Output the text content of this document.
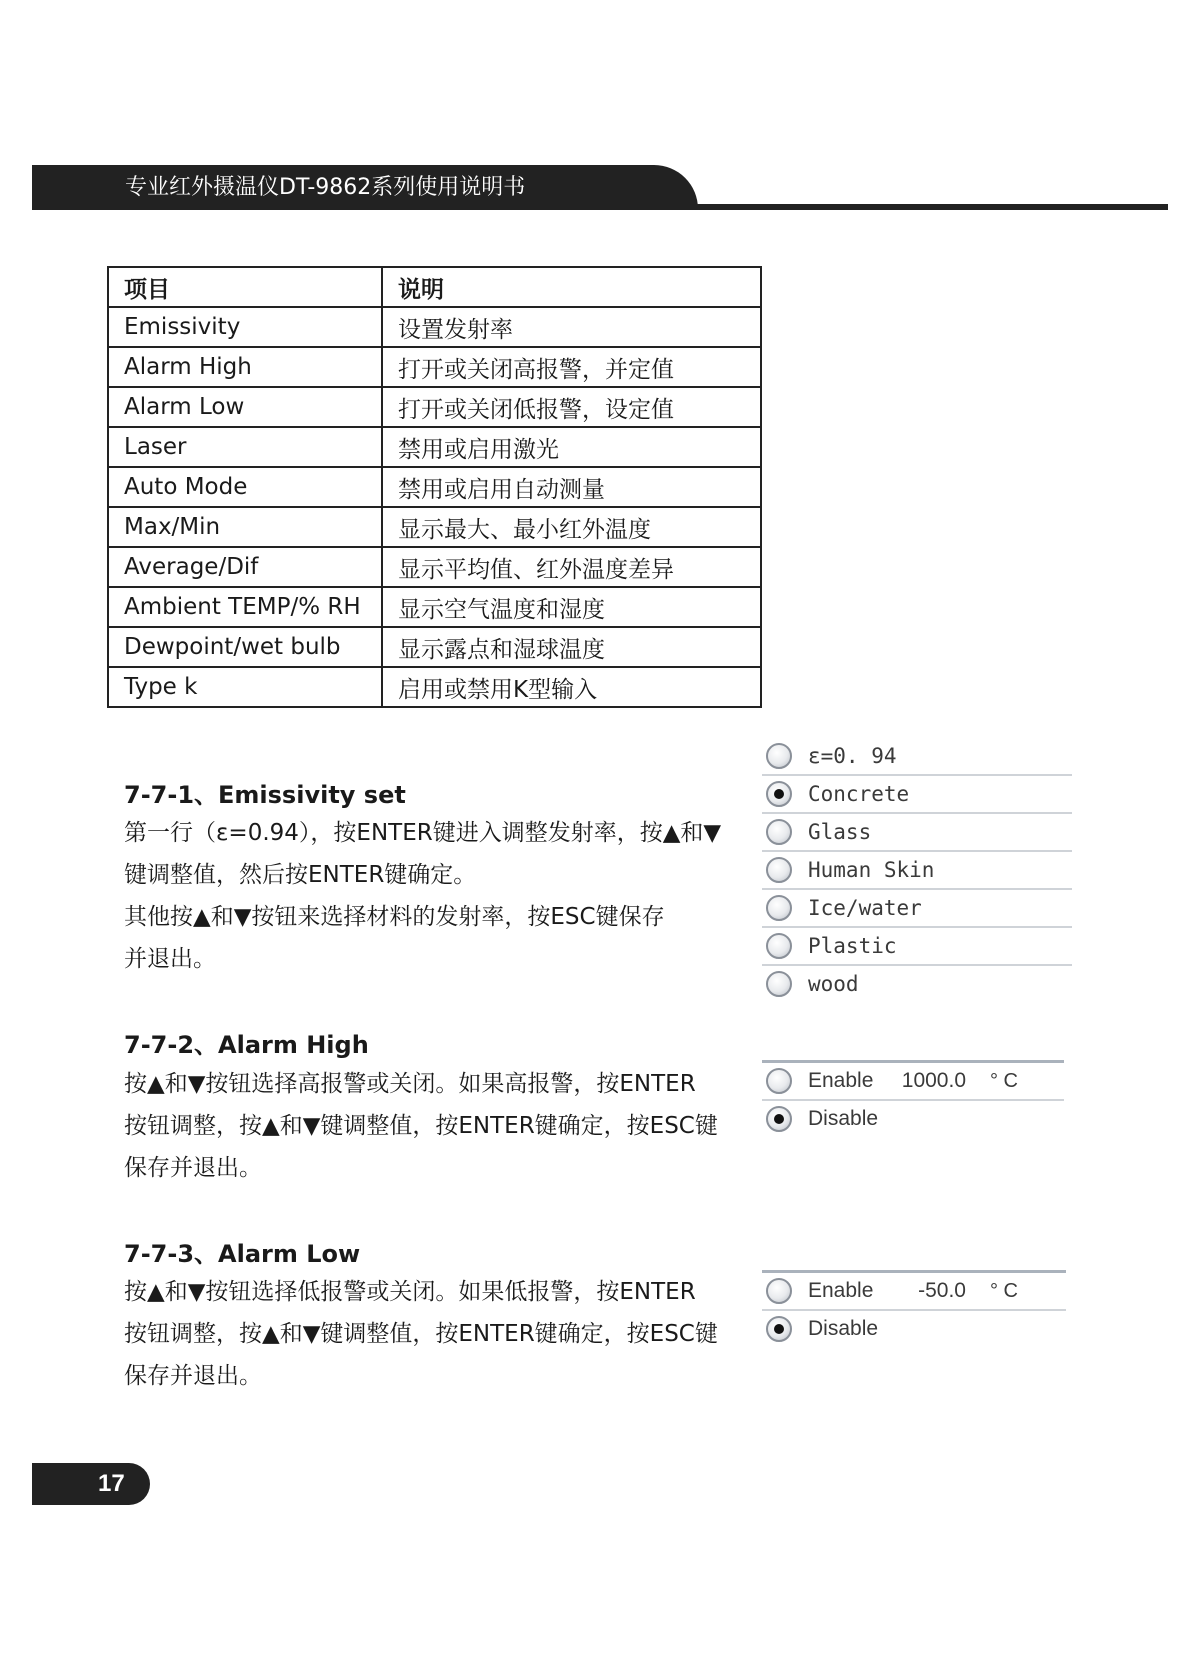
专业红外摄温仪DT-9862系列使用说明书
项目	说明
Emissivity	设置发射率
Alarm High	打开或关闭高报警，并定值
Alarm Low	打开或关闭低报警，设定值
Laser	禁用或启用激光
Auto Mode	禁用或启用自动测量
Max/Min	显示最大、最小红外温度
Average/Dif	显示平均值、红外温度差异
Ambient TEMP/% RH	显示空气温度和湿度
Dewpoint/wet bulb	显示露点和湿球温度
Type k	启用或禁用K型输入
7-7-1、Emissivity set

第一行（ε=0.94），按ENTER键进入调整发射率，按▲和▼

键调整值，然后按ENTER键确定。

其他按▲和▼按钮来选择材料的发射率，按ESC键保存

并退出。

ε=0. 94
Concrete
Glass
Human Skin
Ice/water
Plastic
wood
7-7-2、Alarm High

按▲和▼按钮选择高报警或关闭。如果高报警，按ENTER

按钮调整，按▲和▼键调整值，按ENTER键确定，按ESC键

保存并退出。

Enable	1000.0 ° C
Disable
7-7-3、Alarm Low

按▲和▼按钮选择低报警或关闭。如果低报警，按ENTER

按钮调整，按▲和▼键调整值，按ENTER键确定，按ESC键

保存并退出。

Enable	-50.0 ° C
Disable
17
